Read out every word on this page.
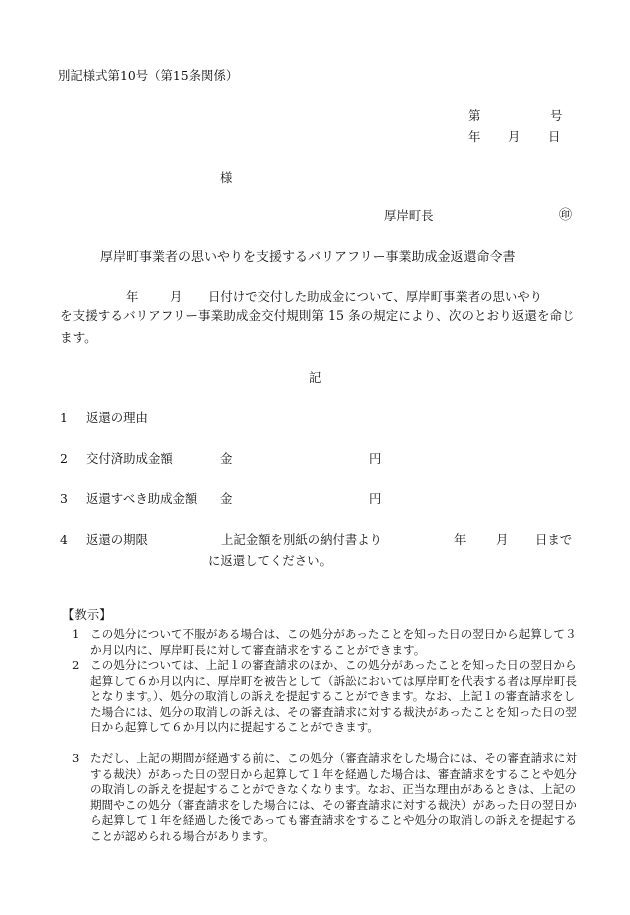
別記様式第10号（第15条関係）
第	号
年 月 日
様
厚岸町長	㊞
厚岸町事業者の思いやりを支援するバリアフリー事業助成金返還命令書
年	月 日付けで交付した助成金について、厚岸町事業者の思いやり
を支援するバリアフリー事業助成金交付規則第 15 条の規定により、次のとおり返還を命じます。
記
1 返還の理由
2 交付済助成金額	金	円
3 返還すべき助成金額 金	円
4 返還の期限	上記金額を別紙の納付書より	年 月 日まで
に返還してください。
【教示】
1 この処分について不服がある場合は、この処分があったことを知った日の翌日から起算して３か月以内に、厚岸町長に対して審査請求をすることができます。
2 この処分については、上記１の審査請求のほか、この処分があったことを知った日の翌日から起算して６か月以内に、厚岸町を被告として（訴訟においては厚岸町を代表する者は厚岸町長となります。）、処分の取消しの訴えを提起することができます。なお、上記１の審査請求をした場合には、処分の取消しの訴えは、その審査請求に対する裁決があったことを知った日の翌日から起算して６か月以内に提起することができます。
3 ただし、上記の期間が経過する前に、この処分（審査請求をした場合には、その審査請求に対する裁決）があった日の翌日から起算して１年を経過した場合は、審査請求をすることや処分の取消しの訴えを提起することができなくなります。なお、正当な理由があるときは、上記の期間やこの処分（審査請求をした場合には、その審査請求に対する裁決）があった日の翌日から起算して１年を経過した後であっても審査請求をすることや処分の取消しの訴えを提起することが認められる場合があります。
